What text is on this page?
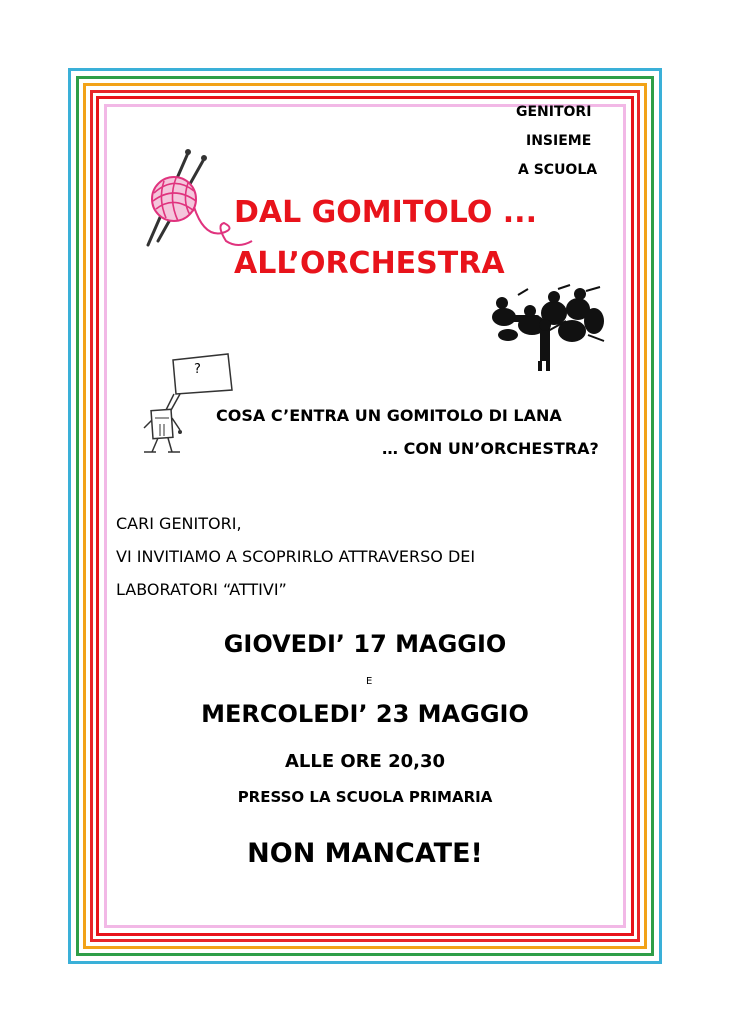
GENITORI
INSIEME
A SCUOLA
DAL GOMITOLO ...
ALL’ORCHESTRA
?
COSA C’ENTRA UN GOMITOLO DI LANA
… CON UN’ORCHESTRA?
CARI GENITORI,
VI INVITIAMO A SCOPRIRLO ATTRAVERSO DEI
LABORATORI “ATTIVI”
GIOVEDI’ 17 MAGGIO
E
MERCOLEDI’ 23 MAGGIO
ALLE ORE 20,30
PRESSO LA SCUOLA PRIMARIA
NON MANCATE!
